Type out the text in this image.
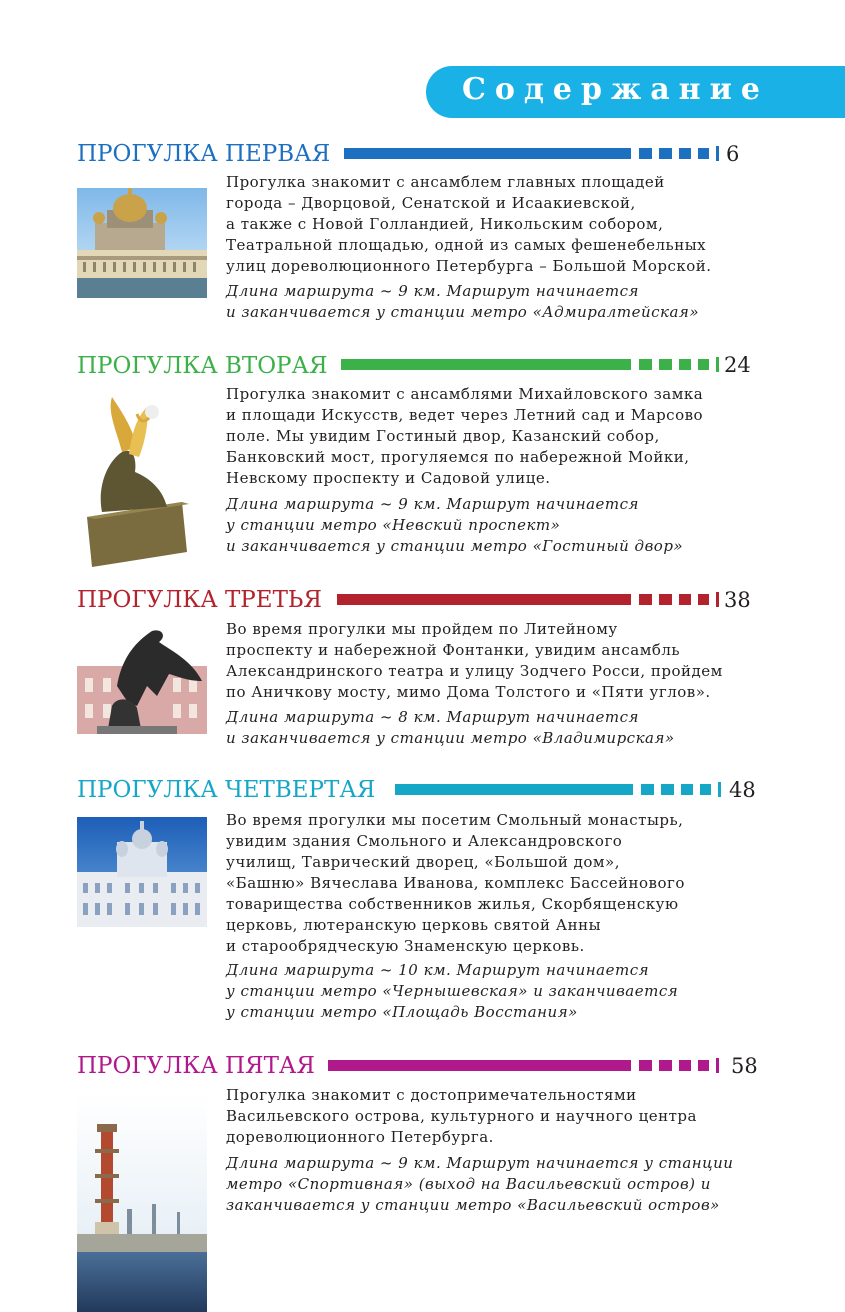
Содержание
ПРОГУЛКА ПЕРВАЯ	6
Прогулка знакомит с ансамблем главных площадей
города – Дворцовой, Сенатской и Исаакиевской,
а также с Новой Голландией, Никольским собором,
Театральной площадью, одной из самых фешенебельных
улиц дореволюционного Петербурга – Большой Морской.
Длина маршрута ~ 9 км. Маршрут начинается
и заканчивается у станции метро «Адмиралтейская»
ПРОГУЛКА ВТОРАЯ	24
Прогулка знакомит с ансамблями Михайловского замка
и площади Искусств, ведет через Летний сад и Марсово
поле. Мы увидим Гостиный двор, Казанский собор,
Банковский мост, прогуляемся по набережной Мойки,
Невскому проспекту и Садовой улице.
Длина маршрута ~ 9 км. Маршрут начинается
у станции метро «Невский проспект»
и заканчивается у станции метро «Гостиный двор»
ПРОГУЛКА ТРЕТЬЯ	38
Во время прогулки мы пройдем по Литейному
проспекту и набережной Фонтанки, увидим ансамбль
Александринского театра и улицу Зодчего Росси, пройдем
по Аничкову мосту, мимо Дома Толстого и «Пяти углов».
Длина маршрута ~ 8 км. Маршрут начинается
и заканчивается у станции метро «Владимирская»
ПРОГУЛКА ЧЕТВЕРТАЯ	48
Во время прогулки мы посетим Смольный монастырь,
увидим здания Смольного и Александровского
училищ, Таврический дворец, «Большой дом»,
«Башню» Вячеслава Иванова, комплекс Бассейнового
товарищества собственников жилья, Скорбященскую
церковь, лютеранскую церковь святой Анны
и старообрядческую Знаменскую церковь.
Длина маршрута ~ 10 км. Маршрут начинается
у станции метро «Чернышевская» и заканчивается
у станции метро «Площадь Восстания»
ПРОГУЛКА ПЯТАЯ	58
Прогулка знакомит с достопримечательностями
Васильевского острова, культурного и научного центра
дореволюционного Петербурга.
Длина маршрута ~ 9 км. Маршрут начинается у станции
метро «Спортивная» (выход на Васильевский остров) и
заканчивается у станции метро «Васильевский остров»
